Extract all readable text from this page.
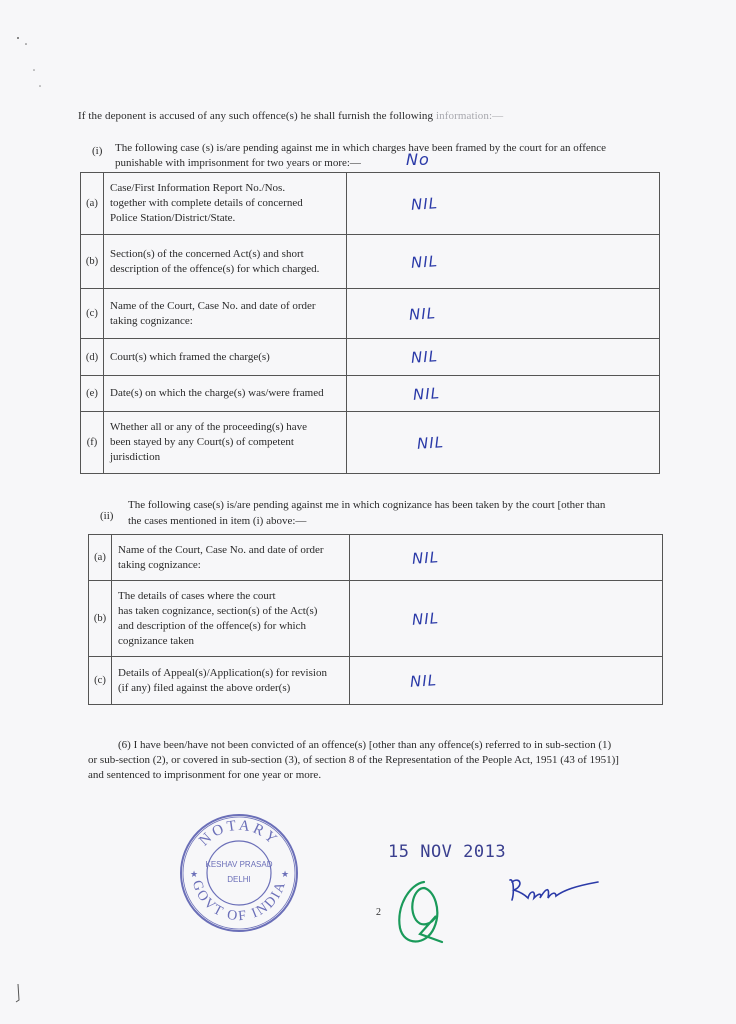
If the deponent is accused of any such offence(s) he shall furnish the following information:—
(i) The following case (s) is/are pending against me in which charges have been framed by the court for an offence
punishable with imprisonment for two years or more:—	No
(a)	Case/First Information Report No./Nos.
together with complete details of concerned
Police Station/District/State.	NIL

(b)	Section(s) of the concerned Act(s) and short
description of the offence(s) for which charged.	NIL

(c)	Name of the Court, Case No. and date of order
taking cognizance:	NIL

(d)	Court(s) which framed the charge(s)	NIL

(e)	Date(s) on which the charge(s) was/were framed	NIL

(f)	Whether all or any of the proceeding(s) have
been stayed by any Court(s) of competent
jurisdiction	NIL
(ii)
The following case(s) is/are pending against me in which cognizance has been taken by the court [other than
the cases mentioned in item (i) above:—
(a)	Name of the Court, Case No. and date of order
taking cognizance:	NIL

(b)	The details of cases where the court
has taken cognizance, section(s) of the Act(s)
and description of the offence(s) for which
cognizance taken	NIL

(c)	Details of Appeal(s)/Application(s) for revision
(if any) filed against the above order(s)	NIL
(6) I have been/have not been convicted of an offence(s) [other than any offence(s) referred to in sub-section (1)
or sub-section (2), or covered in sub-section (3), of section 8 of the Representation of the People Act, 1951 (43 of 1951)]
and sentenced to imprisonment for one year or more.
NOTARY
GOVT OF INDIA
KESHAV PRASAD
DELHI
★	★
15 NOV 2013
2
